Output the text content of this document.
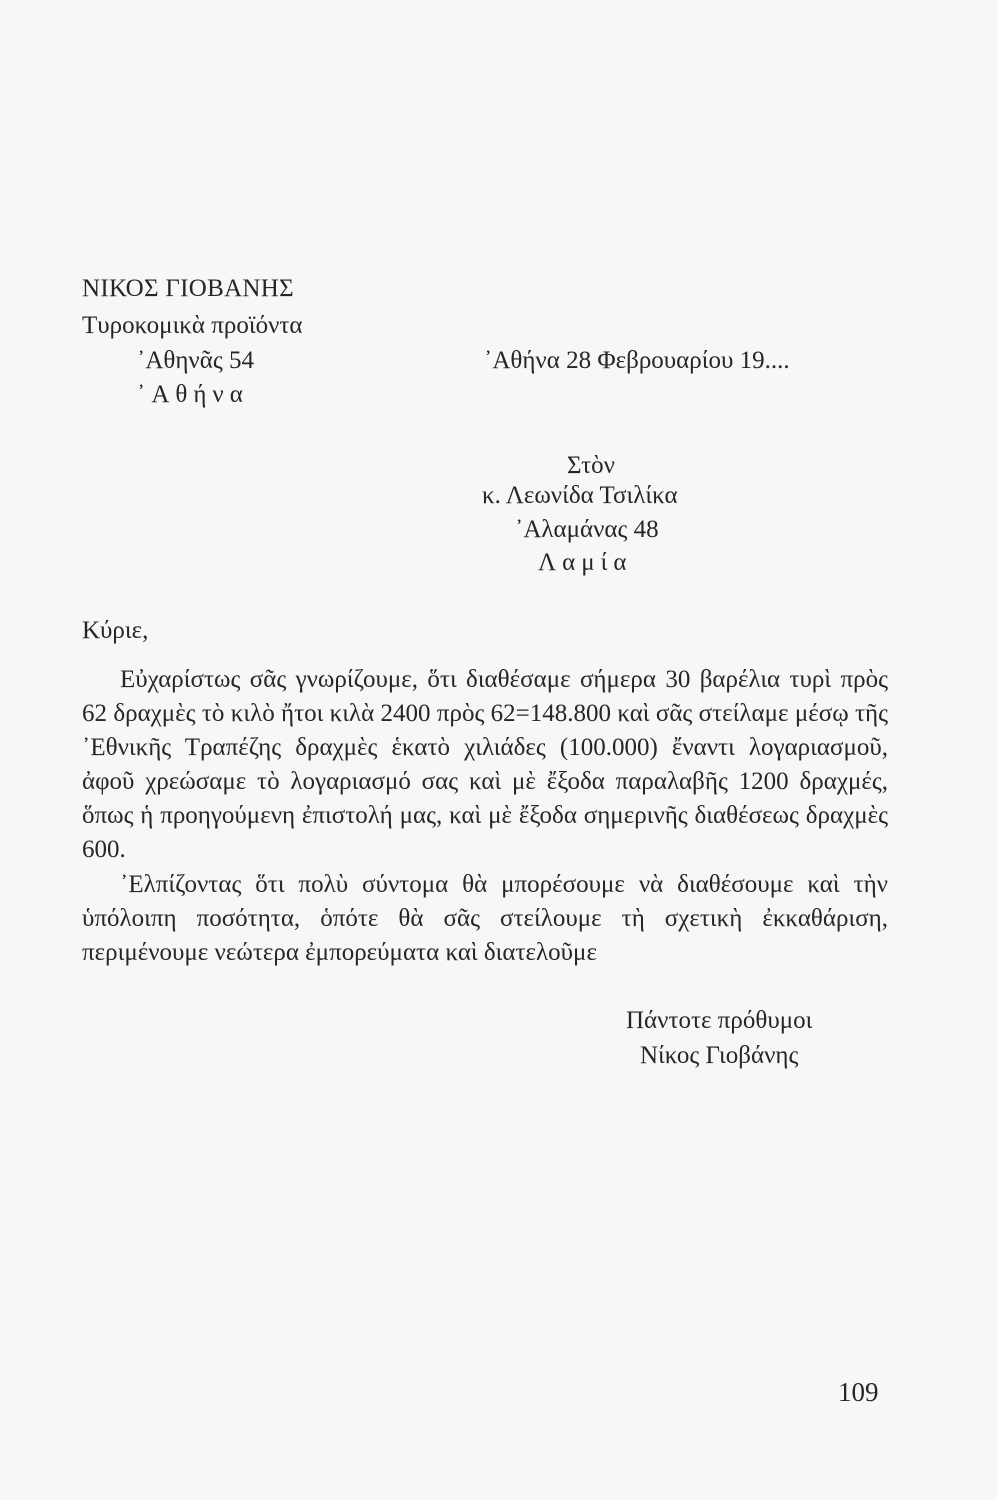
ΝΙΚΟΣ ΓΙΟΒΑΝΗΣ
Τυροκομικὰ προϊόντα
᾿Αθηνᾶς 54
᾿Αθήνα
᾿Αθήνα 28 Φεβρουαρίου 19....
Στὸν
κ. Λεωνίδα Τσιλίκα
᾿Αλαμάνας 48
Λαμία
Κύριε,

Εὐχαρίστως σᾶς γνωρίζουμε, ὅτι διαθέσαμε σήμερα 30 βαρέλια τυρὶ πρὸς 62 δραχμὲς τὸ κιλὸ ἤτοι κιλὰ 2400 πρὸς 62=148.800 καὶ σᾶς στείλαμε μέσῳ τῆς ᾿Εθνικῆς Τραπέζης δραχμὲς ἑκατὸ χιλιάδες (100.000) ἔναντι λογαριασμοῦ, ἀφοῦ χρεώσαμε τὸ λογαριασμό σας καὶ μὲ ἔξοδα παραλαβῆς 1200 δραχμές, ὅπως ἡ προηγούμενη ἐπιστολή μας, καὶ μὲ ἔξοδα σημερινῆς διαθέσεως δραχμὲς 600.

᾿Ελπίζοντας ὅτι πολὺ σύντομα θὰ μπορέσουμε νὰ διαθέσουμε καὶ τὴν ὑπόλοιπη ποσότητα, ὁπότε θὰ σᾶς στείλουμε τὴ σχετικὴ ἐκκαθάριση, περιμένουμε νεώτερα ἐμπορεύματα καὶ διατελοῦμε

Πάντοτε πρόθυμοι
Νίκος Γιοβάνης
109
